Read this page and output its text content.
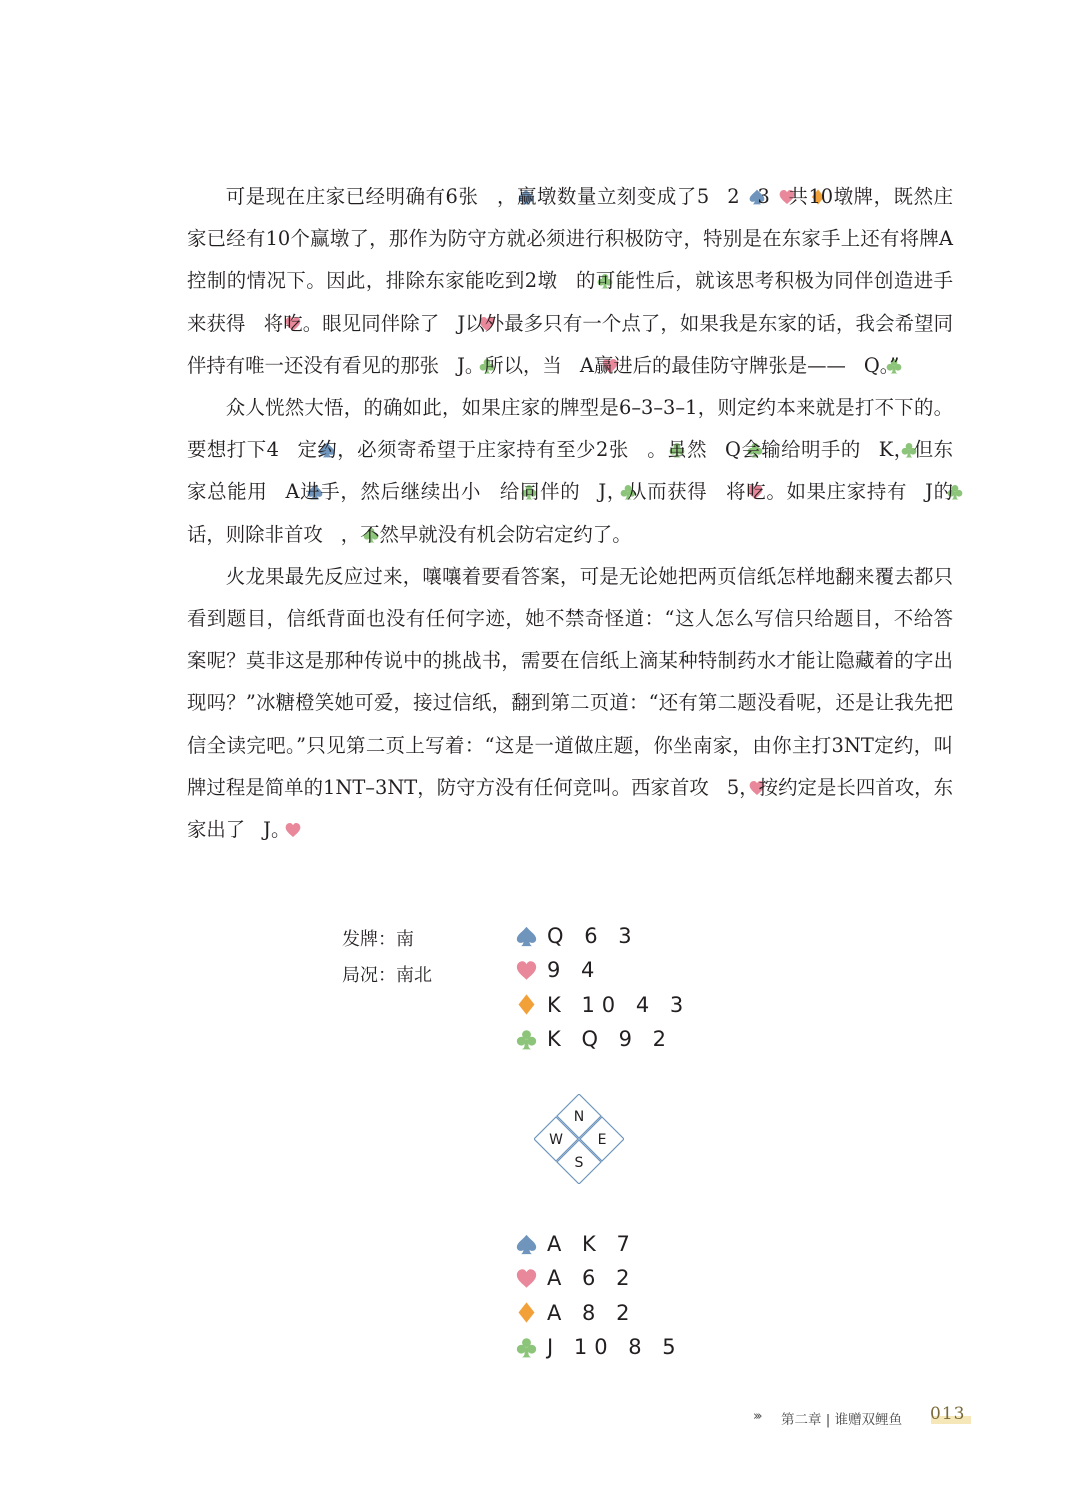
可是现在庄家已经明确有6张 ，赢墩数量立刻变成了5 2 3 共10墩牌，既然庄家已经有10个赢墩了，那作为防守方就必须进行积极防守，特别是在东家手上还有将牌A控制的情况下。因此，排除东家能吃到2墩 的可能性后，就该思考积极为同伴创造进手来获得 将吃。眼见同伴除了 J以外最多只有一个点了，如果我是东家的话，我会希望同伴持有唯一还没有看见的那张 J。所以，当 A赢进后的最佳防守牌张是—— Q。”

众人恍然大悟，的确如此，如果庄家的牌型是6–3–3–1，则定约本来就是打不下的。要想打下4 定约，必须寄希望于庄家持有至少2张 。虽然 Q会输给明手的 K，但东家总能用 A进手，然后继续出小 给同伴的 J，从而获得 将吃。如果庄家持有 J的话，则除非首攻 ，不然早就没有机会防宕定约了。

火龙果最先反应过来，嚷嚷着要看答案，可是无论她把两页信纸怎样地翻来覆去都只看到题目，信纸背面也没有任何字迹，她不禁奇怪道：“这人怎么写信只给题目，不给答案呢？莫非这是那种传说中的挑战书，需要在信纸上滴某种特制药水才能让隐藏着的字出现吗？”冰糖橙笑她可爱，接过信纸，翻到第二页道：“还有第二题没看呢，还是让我先把信全读完吧。”只见第二页上写着：“这是一道做庄题，你坐南家，由你主打3NT定约，叫牌过程是简单的1NT–3NT，防守方没有任何竞叫。西家首攻 5，按约定是长四首攻，东家出了 J。

发牌：南
局况：南北
Q 6 3
9 4
K 10 4 3
K Q 9 2
N
W E
S
A K 7
A 6 2
A 8 2
J 10 8 5
››› 第二章 | 谁赠双鲤鱼 013
